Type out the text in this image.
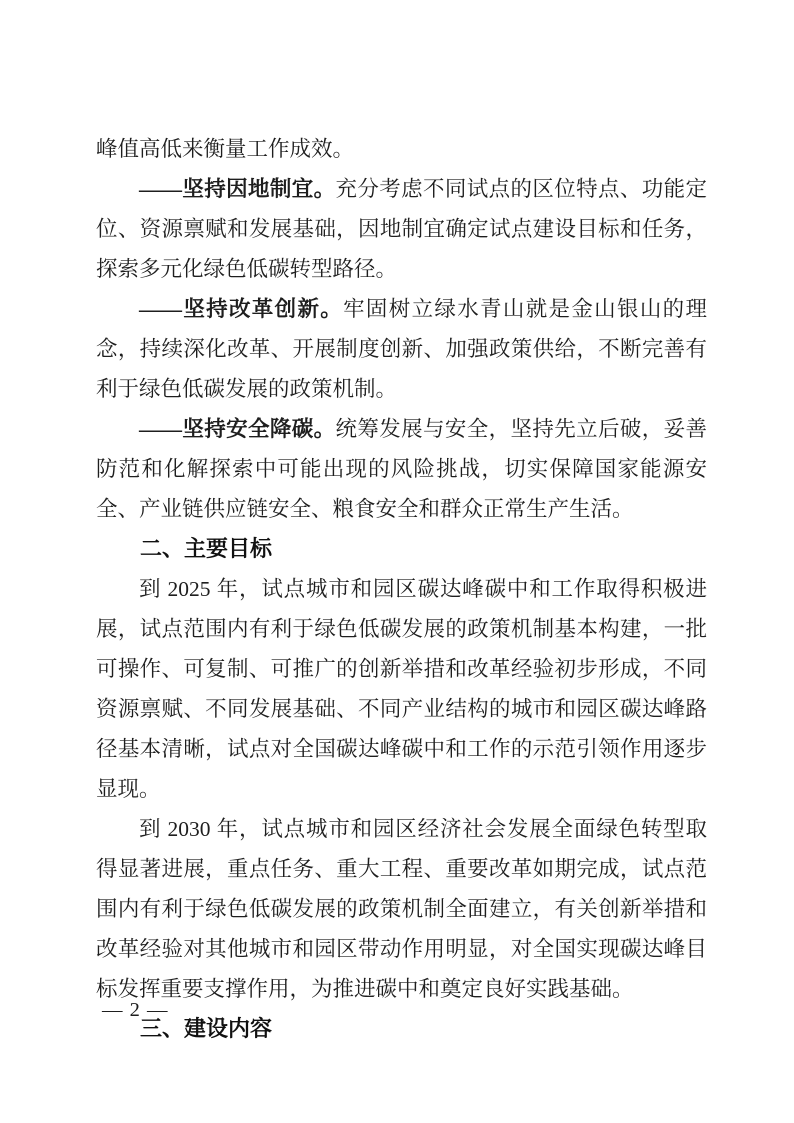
峰值高低来衡量工作成效。

——坚持因地制宜。充分考虑不同试点的区位特点、功能定位、资源禀赋和发展基础，因地制宜确定试点建设目标和任务，探索多元化绿色低碳转型路径。

——坚持改革创新。牢固树立绿水青山就是金山银山的理念，持续深化改革、开展制度创新、加强政策供给，不断完善有利于绿色低碳发展的政策机制。

——坚持安全降碳。统筹发展与安全，坚持先立后破，妥善防范和化解探索中可能出现的风险挑战，切实保障国家能源安全、产业链供应链安全、粮食安全和群众正常生产生活。

二、主要目标

到 2025 年，试点城市和园区碳达峰碳中和工作取得积极进展，试点范围内有利于绿色低碳发展的政策机制基本构建，一批可操作、可复制、可推广的创新举措和改革经验初步形成，不同资源禀赋、不同发展基础、不同产业结构的城市和园区碳达峰路径基本清晰，试点对全国碳达峰碳中和工作的示范引领作用逐步显现。

到 2030 年，试点城市和园区经济社会发展全面绿色转型取得显著进展，重点任务、重大工程、重要改革如期完成，试点范围内有利于绿色低碳发展的政策机制全面建立，有关创新举措和改革经验对其他城市和园区带动作用明显，对全国实现碳达峰目标发挥重要支撑作用，为推进碳中和奠定良好实践基础。

三、建设内容
— 2 —
